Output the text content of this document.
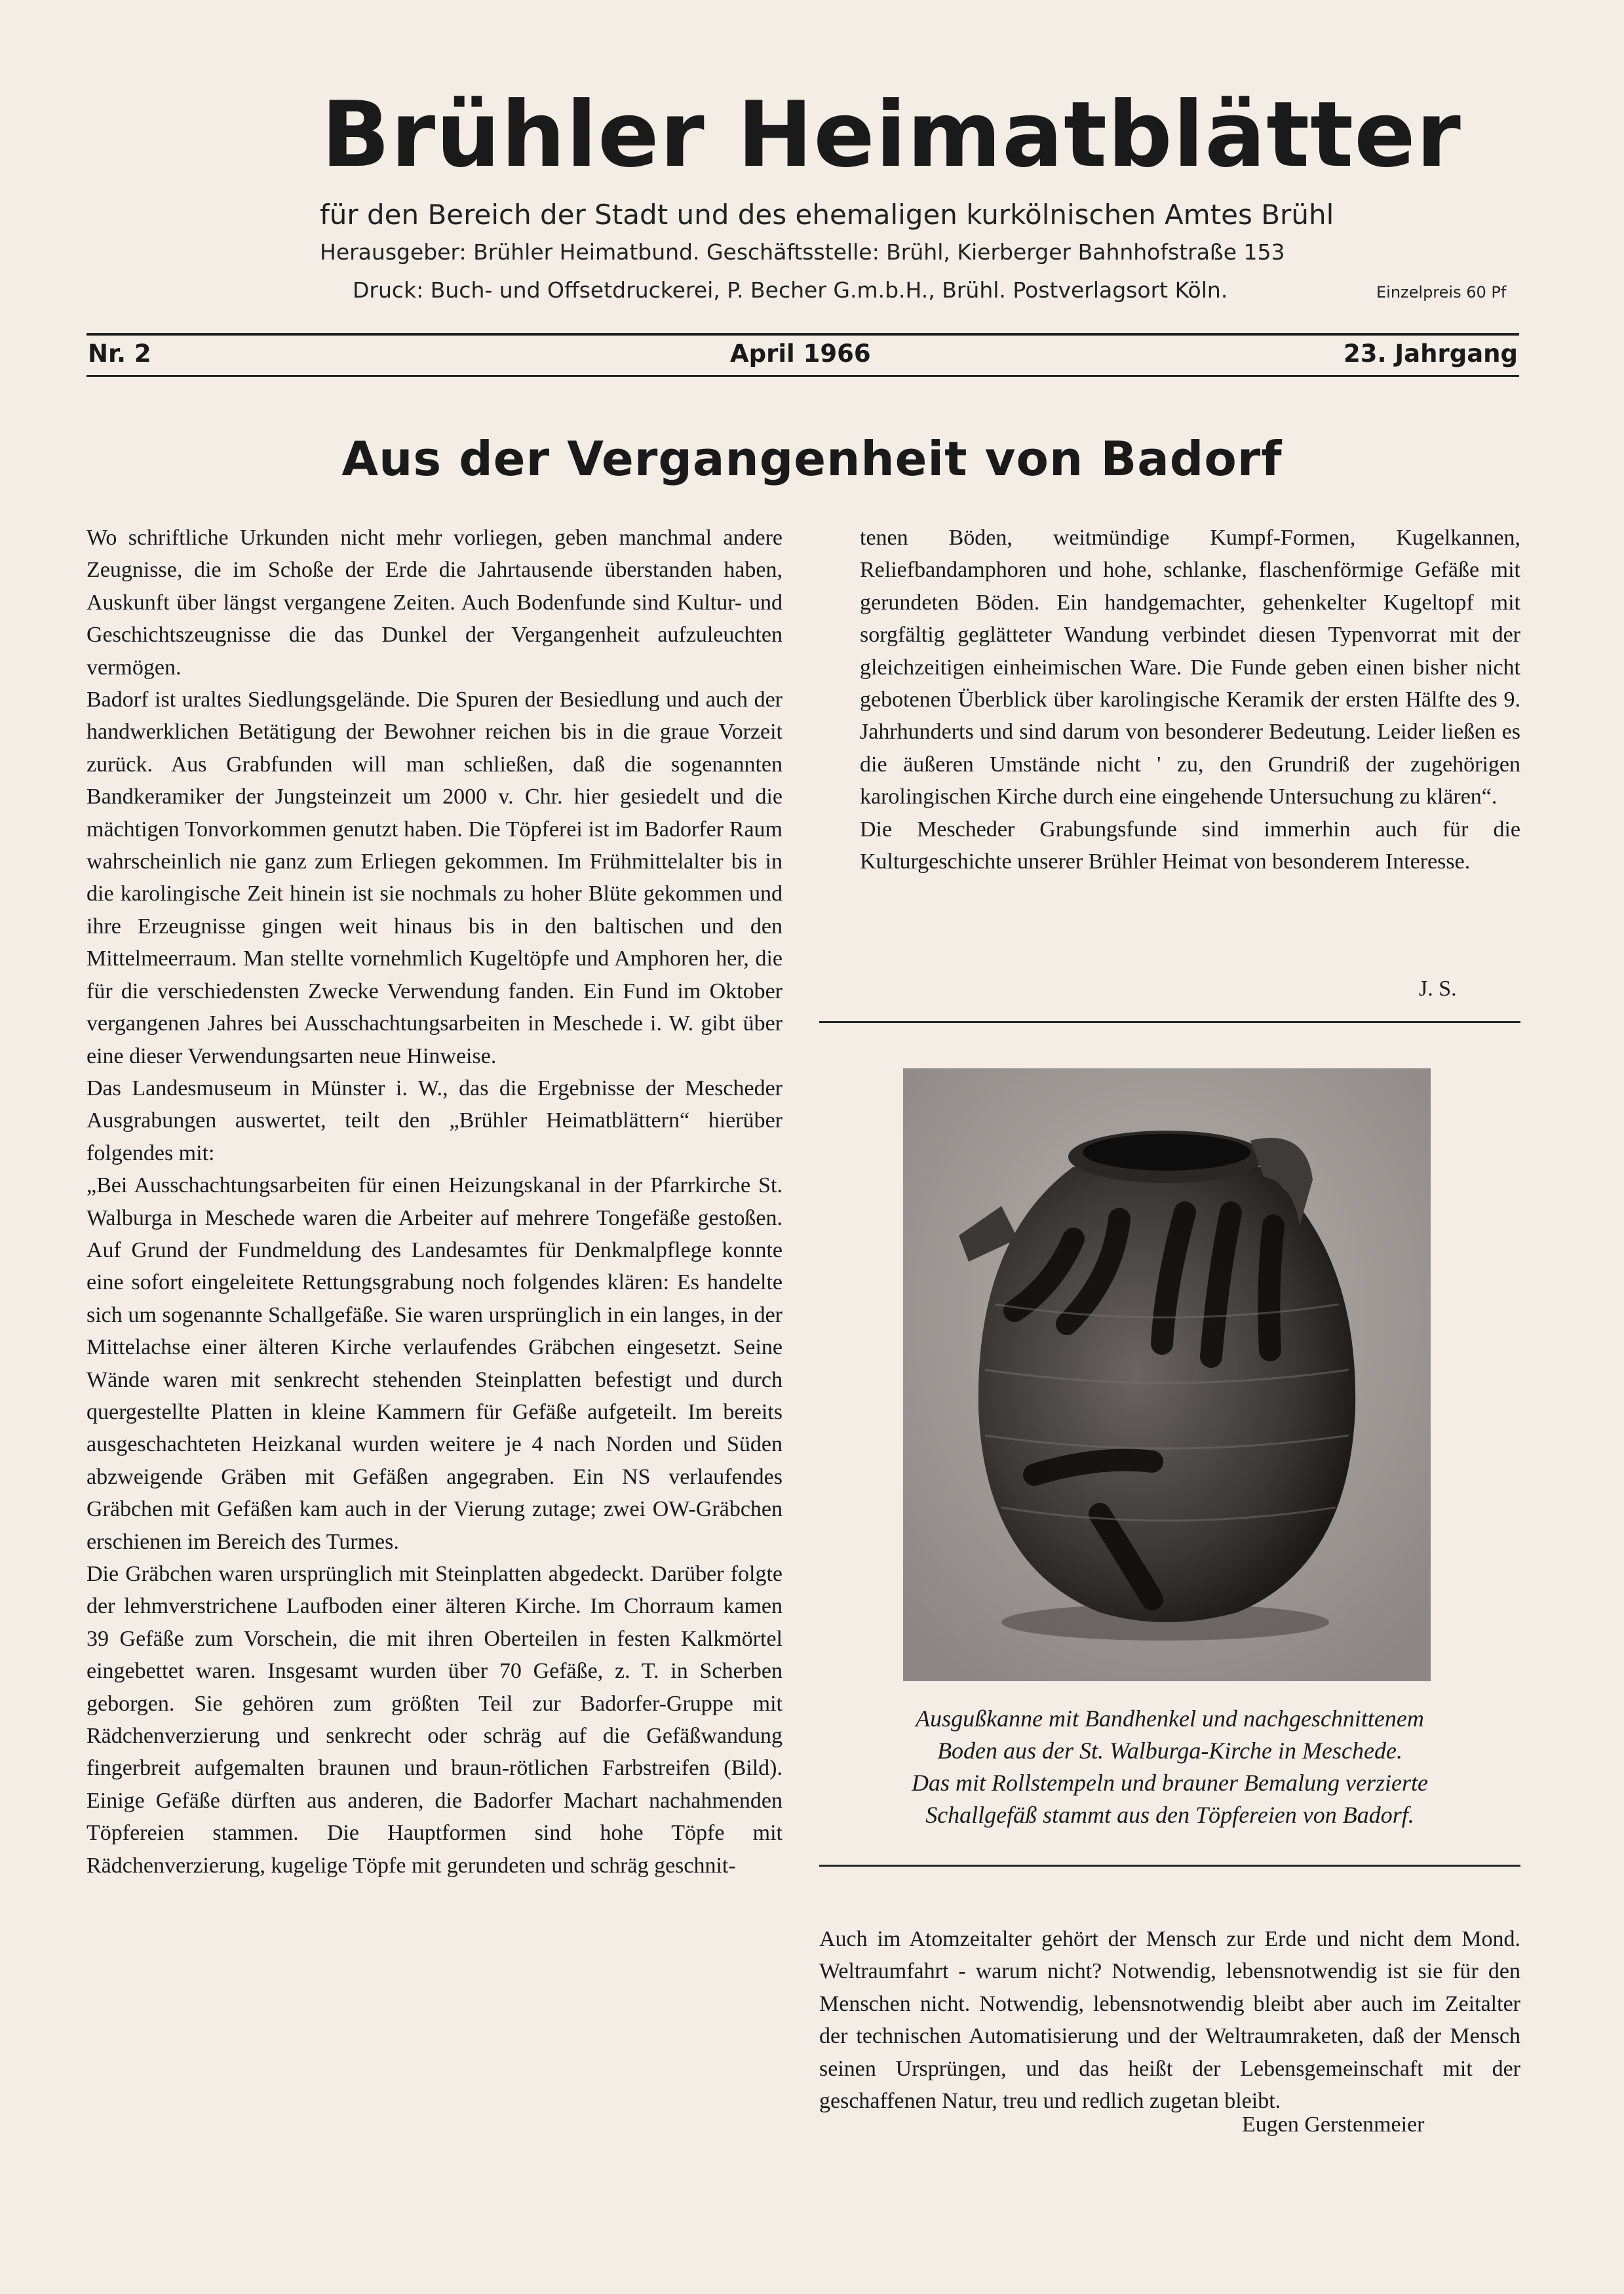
Brühler Heimatblätter
für den Bereich der Stadt und des ehemaligen kurkölnischen Amtes Brühl
Herausgeber: Brühler Heimatbund. Geschäftsstelle: Brühl, Kierberger Bahnhofstraße 153
Druck: Buch- und Offsetdruckerei, P. Becher G.m.b.H., Brühl. Postverlagsort Köln.	Einzelpreis 60 Pf
Nr. 2	April 1966	23. Jahrgang
Aus der Vergangenheit von Badorf

Wo schriftliche Urkunden nicht mehr vorliegen, geben manchmal andere Zeugnisse, die im Schoße der Erde die Jahrtausende überstanden haben, Auskunft über längst vergangene Zeiten. Auch Bodenfunde sind Kultur- und Geschichtszeugnisse die das Dunkel der Vergangenheit aufzuleuchten vermögen.

Badorf ist uraltes Siedlungsgelände. Die Spuren der Besiedlung und auch der handwerklichen Betätigung der Bewohner reichen bis in die graue Vorzeit zurück. Aus Grabfunden will man schließen, daß die sogenannten Bandkeramiker der Jungsteinzeit um 2000 v. Chr. hier gesiedelt und die mächtigen Tonvorkommen genutzt haben. Die Töpferei ist im Badorfer Raum wahrscheinlich nie ganz zum Erliegen gekommen. Im Frühmittelalter bis in die karolingische Zeit hinein ist sie nochmals zu hoher Blüte gekommen und ihre Erzeugnisse gingen weit hinaus bis in den baltischen und den Mittelmeerraum. Man stellte vornehmlich Kugeltöpfe und Amphoren her, die für die verschiedensten Zwecke Verwendung fanden. Ein Fund im Oktober vergangenen Jahres bei Ausschachtungsarbeiten in Meschede i. W. gibt über eine dieser Verwendungsarten neue Hinweise.

Das Landesmuseum in Münster i. W., das die Ergebnisse der Mescheder Ausgrabungen auswertet, teilt den „Brühler Heimatblättern“ hierüber folgendes mit:

„Bei Ausschachtungsarbeiten für einen Heizungskanal in der Pfarrkirche St. Walburga in Meschede waren die Arbeiter auf mehrere Tongefäße gestoßen. Auf Grund der Fundmeldung des Landesamtes für Denkmalpflege konnte eine sofort eingeleitete Rettungsgrabung noch folgendes klären: Es handelte sich um sogenannte Schallgefäße. Sie waren ursprünglich in ein langes, in der Mittelachse einer älteren Kirche verlaufendes Gräbchen eingesetzt. Seine Wände waren mit senkrecht stehenden Steinplatten befestigt und durch quergestellte Platten in kleine Kammern für Gefäße aufgeteilt. Im bereits ausgeschachteten Heizkanal wurden weitere je 4 nach Norden und Süden abzweigende Gräben mit Gefäßen angegraben. Ein NS verlaufendes Gräbchen mit Gefäßen kam auch in der Vierung zutage; zwei OW-Gräbchen erschienen im Bereich des Turmes.

Die Gräbchen waren ursprünglich mit Steinplatten abgedeckt. Darüber folgte der lehmverstrichene Laufboden einer älteren Kirche. Im Chorraum kamen 39 Gefäße zum Vorschein, die mit ihren Oberteilen in festen Kalkmörtel eingebettet waren. Insgesamt wurden über 70 Gefäße, z. T. in Scherben geborgen. Sie gehören zum größten Teil zur Badorfer-Gruppe mit Rädchenverzierung und senkrecht oder schräg auf die Gefäßwandung fingerbreit aufgemalten braunen und braun-rötlichen Farbstreifen (Bild). Einige Gefäße dürften aus anderen, die Badorfer Machart nachahmenden Töpfereien stammen. Die Hauptformen sind hohe Töpfe mit Rädchenverzierung, kugelige Töpfe mit gerundeten und schräg geschnit-

tenen Böden, weitmündige Kumpf-Formen, Kugelkannen, Reliefbandamphoren und hohe, schlanke, flaschenförmige Gefäße mit gerundeten Böden. Ein handgemachter, gehenkelter Kugeltopf mit sorgfältig geglätteter Wandung verbindet diesen Typenvorrat mit der gleichzeitigen einheimischen Ware. Die Funde geben einen bisher nicht gebotenen Überblick über karolingische Keramik der ersten Hälfte des 9. Jahrhunderts und sind darum von besonderer Bedeutung. Leider ließen es die äußeren Umstände nicht ' zu, den Grundriß der zugehörigen karolingischen Kirche durch eine eingehende Untersuchung zu klären“.

Die Mescheder Grabungsfunde sind immerhin auch für die Kulturgeschichte unserer Brühler Heimat von besonderem Interesse.

J. S.
Ausgußkanne mit Bandhenkel und nachgeschnittenem
Boden aus der St. Walburga-Kirche in Meschede.
Das mit Rollstempeln und brauner Bemalung verzierte
Schallgefäß stammt aus den Töpfereien von Badorf.

Auch im Atomzeitalter gehört der Mensch zur Erde und nicht dem Mond. Weltraumfahrt - warum nicht? Notwendig, lebensnotwendig ist sie für den Menschen nicht. Notwendig, lebensnotwendig bleibt aber auch im Zeitalter der technischen Automatisierung und der Weltraumraketen, daß der Mensch seinen Ursprüngen, und das heißt der Lebensgemeinschaft mit der geschaffenen Natur, treu und redlich zugetan bleibt.

Eugen Gerstenmeier
